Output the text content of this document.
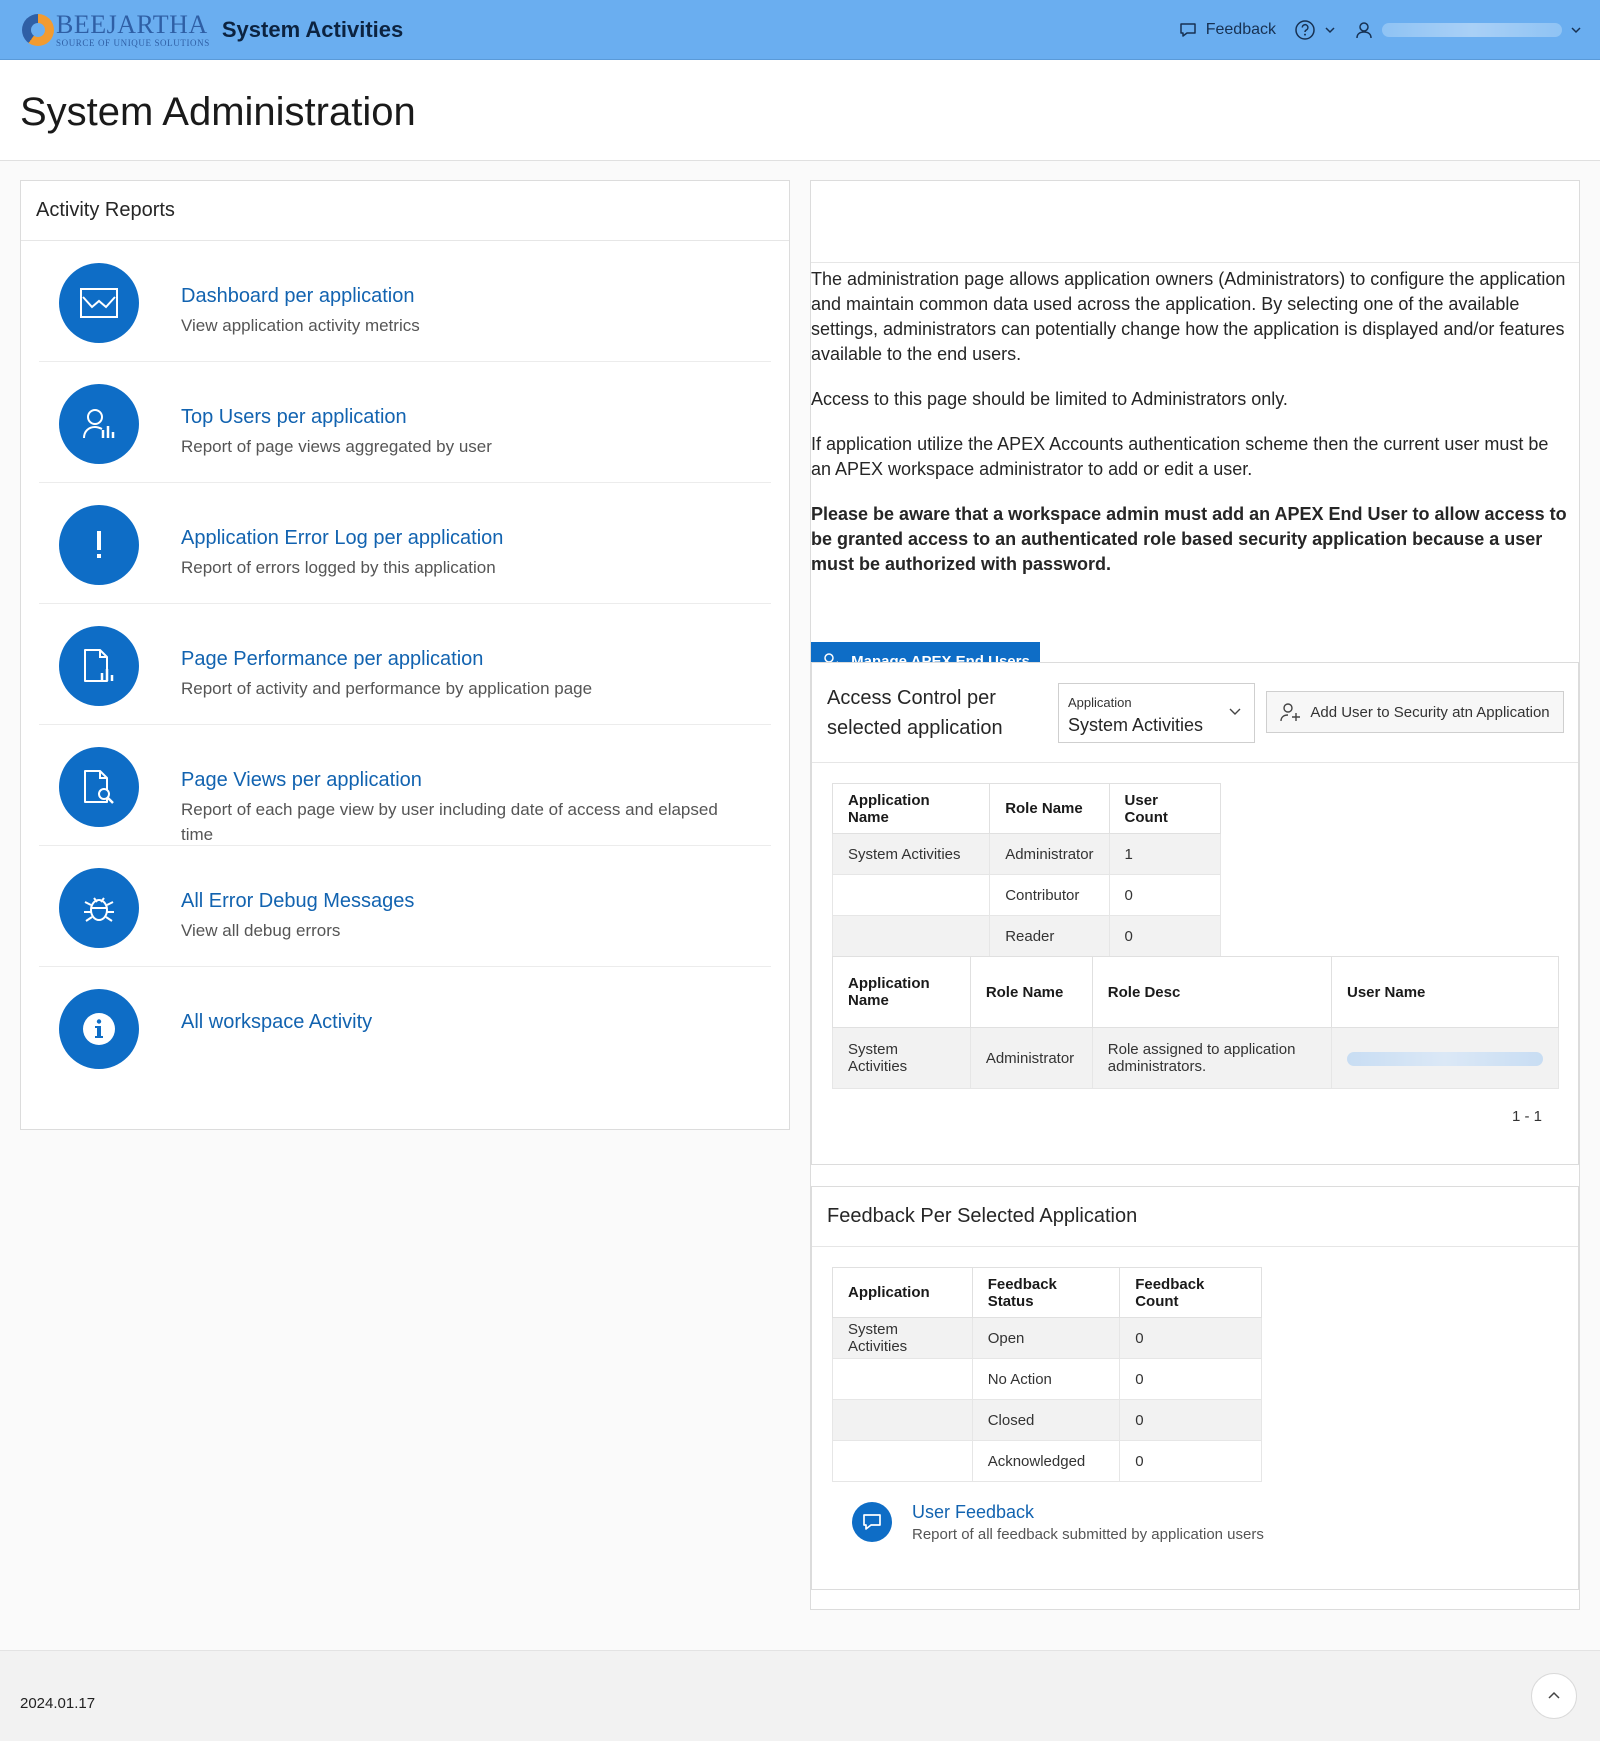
BEEJARTHA
SOURCE OF UNIQUE SOLUTIONS
System Activities	Feedback
System Administration
Activity Reports
Dashboard per application
View application activity metrics
Top Users per application
Report of page views aggregated by user
Application Error Log per application
Report of errors logged by this application
Page Performance per application
Report of activity and performance by application page
Page Views per application
Report of each page view by user including date of access and elapsed time
All Error Debug Messages
View all debug errors
All workspace Activity

The administration page allows application owners (Administrators) to configure the application and maintain common data used across the application. By selecting one of the available settings, administrators can potentially change how the application is displayed and/or features available to the end users.

Access to this page should be limited to Administrators only.

If application utilize the APEX Accounts authentication scheme then the current user must be an APEX workspace administrator to add or edit a user.

Please be aware that a workspace admin must add an APEX End User to allow access to be granted access to an authenticated role based security application because a user must be authorized with password.

Access Control per selected application
Application
System Activities
Add User to Security atn Application
Application Name	Role Name	User Count
System Activities	Administrator	1
	Contributor	0
	Reader	0
Application Name	Role Name	Role Desc	User Name
System Activities	Administrator	Role assigned to application administrators.	
1 - 1
Feedback Per Selected Application
Application	Feedback Status	Feedback Count
System Activities	Open	0
	No Action	0
	Closed	0
	Acknowledged	0
User Feedback
Report of all feedback submitted by application users
2024.01.17
